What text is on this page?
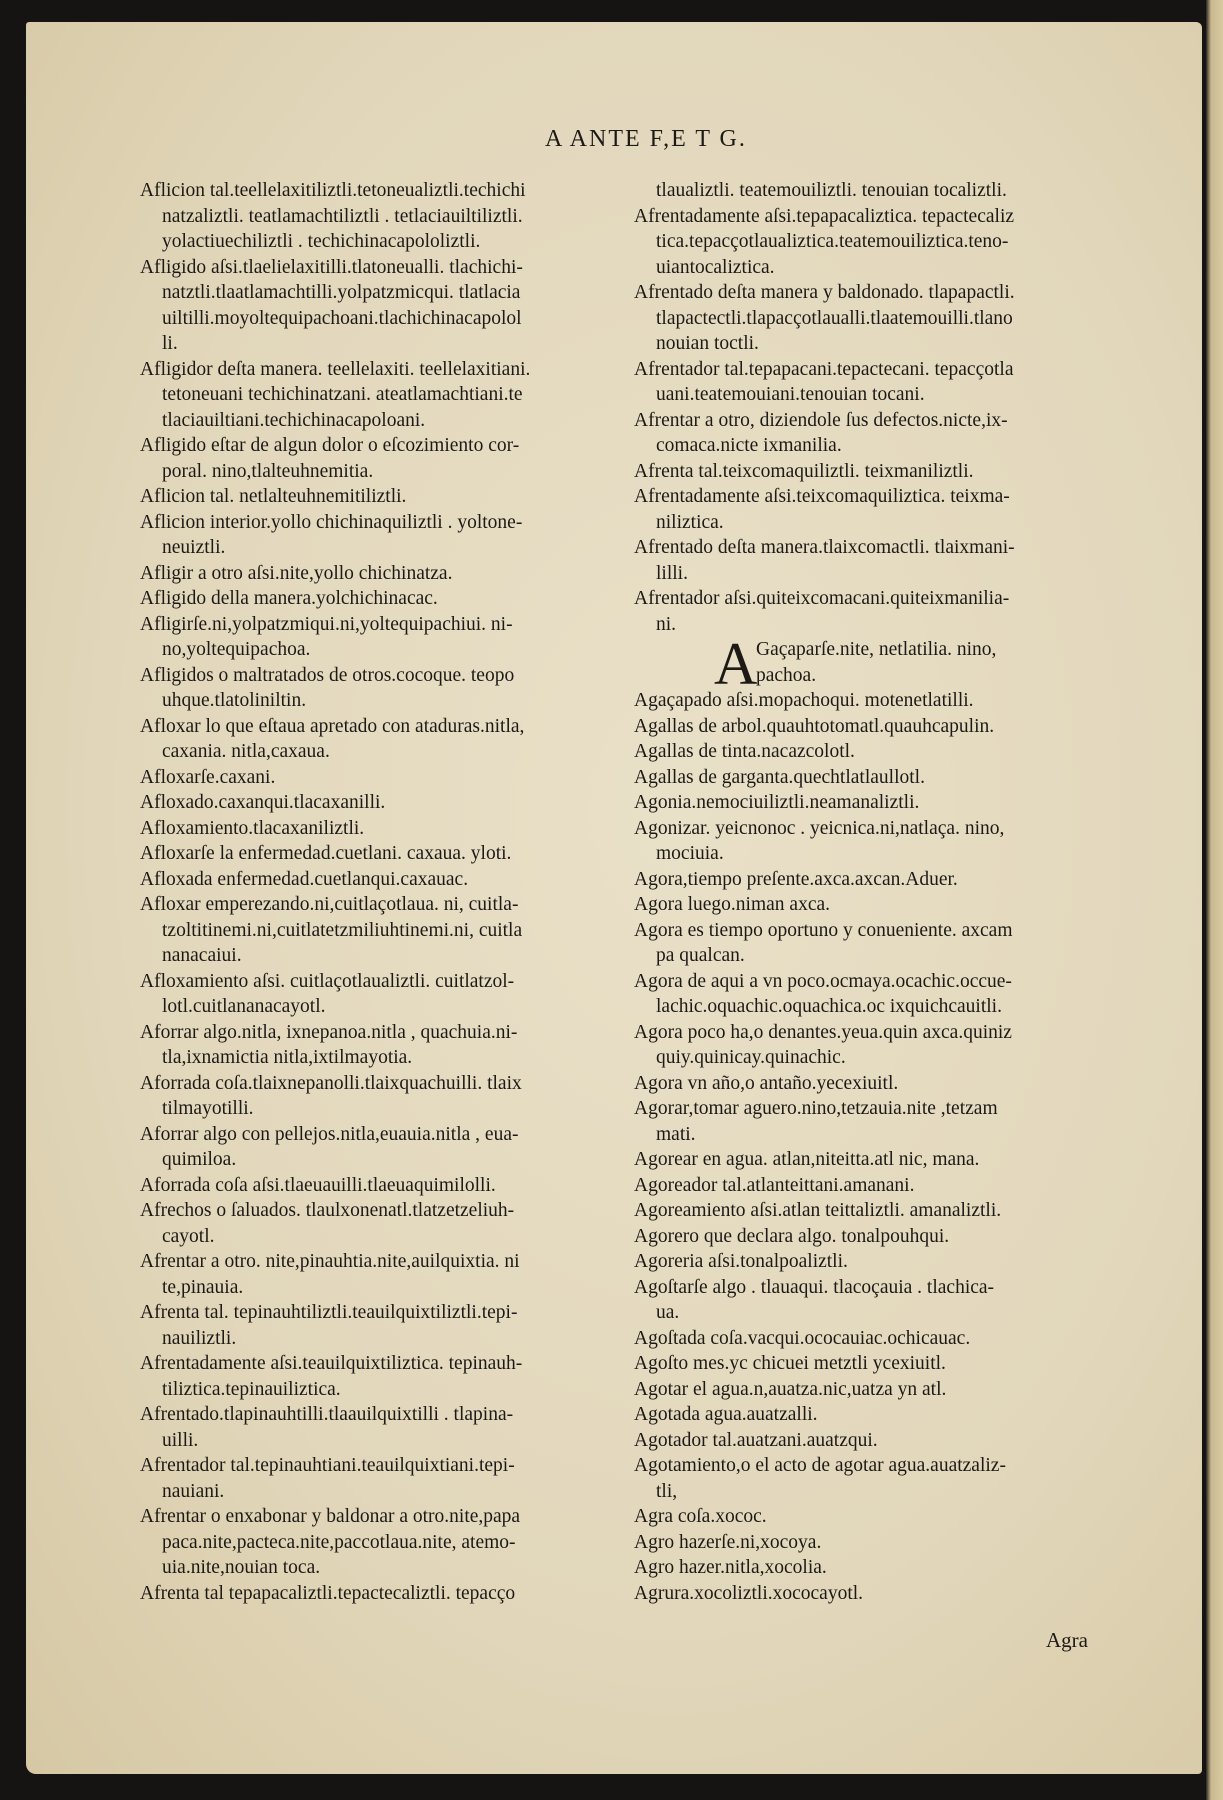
A ANTE F,E T G.
Aflicion tal.teellelaxitiliztli.tetoneualiztli.techichi
natzaliztli. teatlamachtiliztli . tetlaciauiltiliztli.
yolactiuechiliztli . techichinacapololiztli.
Afligido aſsi.tlaelielaxitilli.tlatoneualli. tlachichi-
natztli.tlaatlamachtilli.yolpatzmicqui. tlatlacia
uiltilli.moyoltequipachoani.tlachichinacapolol
li.
Afligidor deſta manera. teellelaxiti. teellelaxitiani.
tetoneuani techichinatzani. ateatlamachtiani.te
tlaciauiltiani.techichinacapoloani.
Afligido eſtar de algun dolor o eſcozimiento cor-
poral. nino,tlalteuhnemitia.
Aflicion tal. netlalteuhnemitiliztli.
Aflicion interior.yollo chichinaquiliztli . yoltone-
neuiztli.
Afligir a otro aſsi.nite,yollo chichinatza.
Afligido della manera.yolchichinacac.
Afligirſe.ni,yolpatzmiqui.ni,yoltequipachiui. ni-
no,yoltequipachoa.
Afligidos o maltratados de otros.cocoque. teopo
uhque.tlatoliniltin.
Afloxar lo que eſtaua apretado con ataduras.nitla,
caxania. nitla,caxaua.
Afloxarſe.caxani.
Afloxado.caxanqui.tlacaxanilli.
Afloxamiento.tlacaxaniliztli.
Afloxarſe la enfermedad.cuetlani. caxaua. yloti.
Afloxada enfermedad.cuetlanqui.caxauac.
Afloxar emperezando.ni,cuitlaçotlaua. ni, cuitla-
tzoltitinemi.ni,cuitlatetzmiliuhtinemi.ni, cuitla
nanacaiui.
Afloxamiento aſsi. cuitlaçotlaualiztli. cuitlatzol-
lotl.cuitlananacayotl.
Aforrar algo.nitla, ixnepanoa.nitla , quachuia.ni-
tla,ixnamictia nitla,ixtilmayotia.
Aforrada coſa.tlaixnepanolli.tlaixquachuilli. tlaix
tilmayotilli.
Aforrar algo con pellejos.nitla,euauia.nitla , eua-
quimiloa.
Aforrada coſa aſsi.tlaeuauilli.tlaeuaquimilolli.
Afrechos o ſaluados. tlaulxonenatl.tlatzetzeliuh-
cayotl.
Afrentar a otro. nite,pinauhtia.nite,auilquixtia. ni
te,pinauia.
Afrenta tal. tepinauhtiliztli.teauilquixtiliztli.tepi-
nauiliztli.
Afrentadamente aſsi.teauilquixtiliztica. tepinauh-
tiliztica.tepinauiliztica.
Afrentado.tlapinauhtilli.tlaauilquixtilli . tlapina-
uilli.
Afrentador tal.tepinauhtiani.teauilquixtiani.tepi-
nauiani.
Afrentar o enxabonar y baldonar a otro.nite,papa
paca.nite,pacteca.nite,paccotlaua.nite, atemo-
uia.nite,nouian toca.
Afrenta tal tepapacaliztli.tepactecaliztli. tepacço
tlaualiztli. teatemouiliztli. tenouian tocaliztli.
Afrentadamente aſsi.tepapacaliztica. tepactecaliz
tica.tepacçotlaualiztica.teatemouiliztica.teno-
uiantocaliztica.
Afrentado deſta manera y baldonado. tlapapactli.
tlapactectli.tlapacçotlaualli.tlaatemouilli.tlano
nouian toctli.
Afrentador tal.tepapacani.tepactecani. tepacçotla
uani.teatemouiani.tenouian tocani.
Afrentar a otro, diziendole ſus defectos.nicte,ix-
comaca.nicte ixmanilia.
Afrenta tal.teixcomaquiliztli. teixmaniliztli.
Afrentadamente aſsi.teixcomaquiliztica. teixma-
niliztica.
Afrentado deſta manera.tlaixcomactli. tlaixmani-
lilli.
Afrentador aſsi.quiteixcomacani.quiteixmanilia-
ni.
A
Gaçaparſe.nite, netlatilia. nino,
pachoa.
Agaçapado aſsi.mopachoqui. motenetlatilli.
Agallas de arbol.quauhtotomatl.quauhcapulin.
Agallas de tinta.nacazcolotl.
Agallas de garganta.quechtlatlaullotl.
Agonia.nemociuiliztli.neamanaliztli.
Agonizar. yeicnonoc . yeicnica.ni,natlaça. nino,
mociuia.
Agora,tiempo preſente.axca.axcan.Aduer.
Agora luego.niman axca.
Agora es tiempo oportuno y conueniente. axcam
pa qualcan.
Agora de aqui a vn poco.ocmaya.ocachic.occue-
lachic.oquachic.oquachica.oc ixquichcauitli.
Agora poco ha,o denantes.yeua.quin axca.quiniz
quiy.quinicay.quinachic.
Agora vn año,o antaño.yecexiuitl.
Agorar,tomar aguero.nino,tetzauia.nite ,tetzam
mati.
Agorear en agua. atlan,niteitta.atl nic, mana.
Agoreador tal.atlanteittani.amanani.
Agoreamiento aſsi.atlan teittaliztli. amanaliztli.
Agorero que declara algo. tonalpouhqui.
Agoreria aſsi.tonalpoaliztli.
Agoſtarſe algo . tlauaqui. tlacoçauia . tlachica-
ua.
Agoſtada coſa.vacqui.ococauiac.ochicauac.
Agoſto mes.yc chicuei metztli ycexiuitl.
Agotar el agua.n,auatza.nic,uatza yn atl.
Agotada agua.auatzalli.
Agotador tal.auatzani.auatzqui.
Agotamiento,o el acto de agotar agua.auatzaliz-
tli,
Agra coſa.xococ.
Agro hazerſe.ni,xocoya.
Agro hazer.nitla,xocolia.
Agrura.xocoliztli.xococayotl.
Agra
